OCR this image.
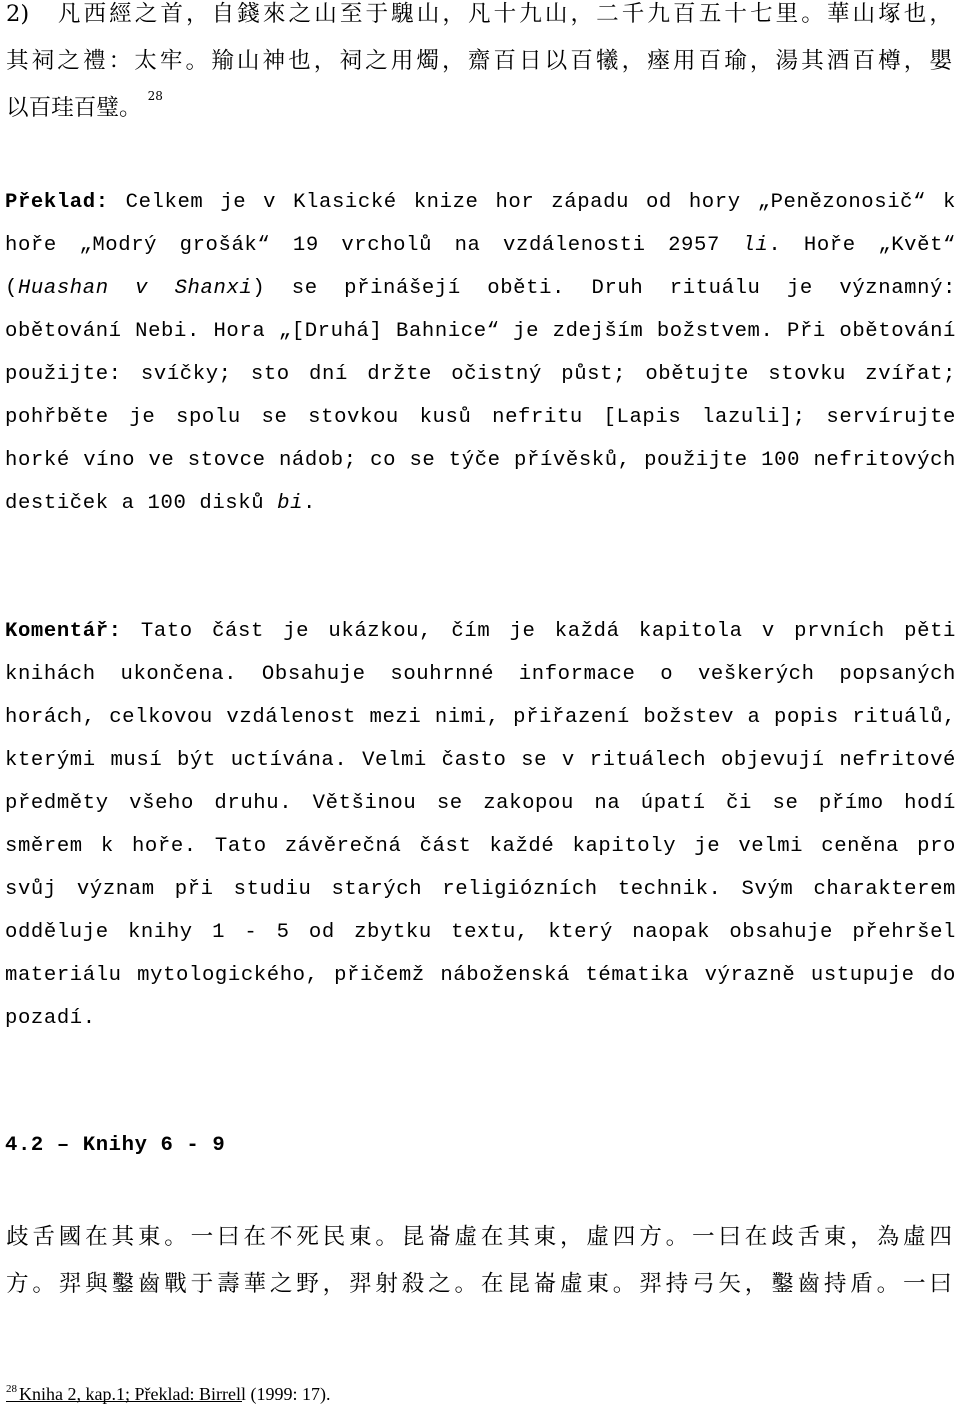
2)　凡西經之首，自錢來之山至于騩山，凡十九山，二千九百五十七里。華山塚也，
其祠之禮：太牢。羭山神也，祠之用燭，齋百日以百犧，瘞用百瑜，湯其酒百樽，嬰
以百珪百璧。 $^{28}$

Překlad: Celkem je v Klasické knize hor západu od hory „Penězonosič“ k hoře „Modrý grošák“ 19 vrcholů na vzdálenosti 2957 li. Hoře „Květ“ (Huashan v Shanxi) se přinášejí oběti. Druh rituálu je významný: obětování Nebi. Hora „[Druhá] Bahnice“ je zdejším božstvem. Při obětování použijte: svíčky; sto dní držte očistný půst; obětujte stovku zvířat; pohřběte je spolu se stovkou kusů nefritu [Lapis lazuli]; servírujte horké víno ve stovce nádob; co se týče přívěsků, použijte 100 nefritových destiček a 100 disků bi.

Komentář: Tato část je ukázkou, čím je každá kapitola v prvních pěti knihách ukončena. Obsahuje souhrnné informace o veškerých popsaných horách, celkovou vzdálenost mezi nimi, přiřazení božstev a popis rituálů, kterými musí být uctívána. Velmi často se v rituálech objevují nefritové předměty všeho druhu. Většinou se zakopou na úpatí či se přímo hodí směrem k hoře. Tato závěrečná část každé kapitoly je velmi ceněna pro svůj význam při studiu starých religiózních technik. Svým charakterem odděluje knihy 1 - 5 od zbytku textu, který naopak obsahuje přehršel materiálu mytologického, přičemž náboženská tématika výrazně ustupuje do pozadí.

4.2 – Knihy 6 - 9
歧舌國在其東。一曰在不死民東。昆崙虛在其東，虛四方。一曰在歧舌東，為虛四
方。羿與鑿齒戰于壽華之野，羿射殺之。在昆崙虛東。羿持弓矢，鑿齒持盾。一曰

$^{28}$ Kniha 2, kap.1; Překlad: Birrell (1999: 17).
